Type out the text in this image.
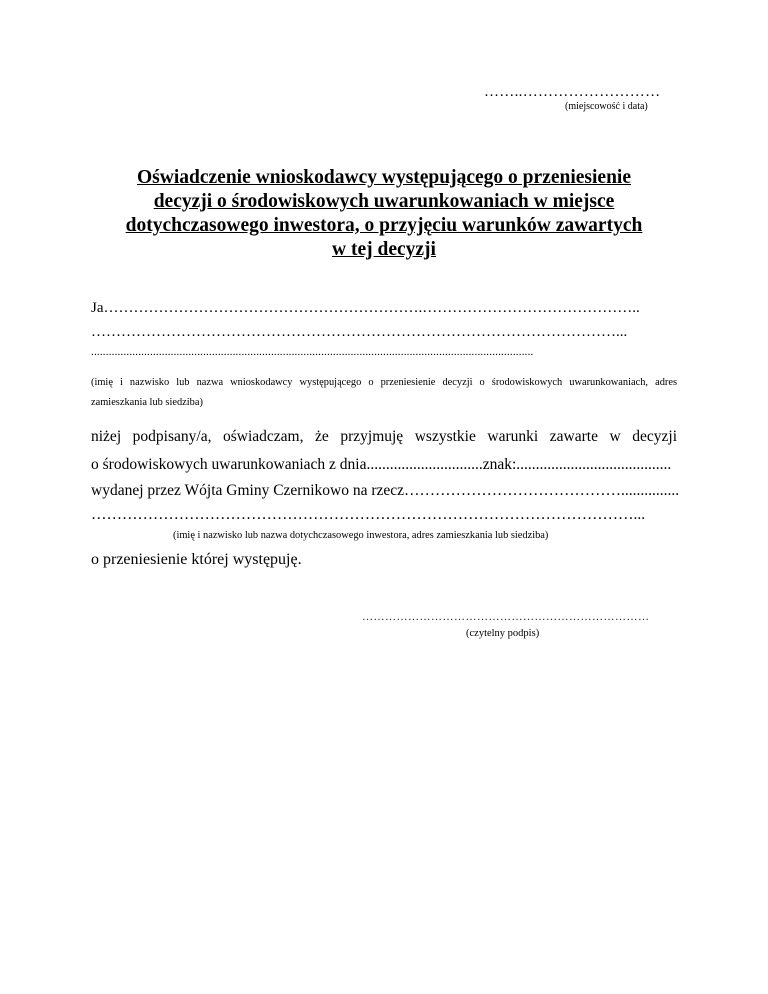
……..………………………
(miejscowość i data)
Oświadczenie wnioskodawcy występującego o przeniesienie
decyzji o środowiskowych uwarunkowaniach w miejsce
dotychczasowego inwestora, o przyjęciu warunków zawartych
w tej decyzji
Ja……………………………………………………….……………………………………..
……………………………………………………………………………………………...
......................................................................................................................................................
(imię i nazwisko lub nazwa wnioskodawcy występującego o przeniesienie decyzji o środowiskowych uwarunkowaniach, adres zamieszkania lub siedziba)
niżej podpisany/a, oświadczam, że przyjmuję wszystkie warunki zawarte w decyzji
o środowiskowych uwarunkowaniach z dnia..............................znak:........................................
wydanej przez Wójta Gminy Czernikowo na rzecz……………………………………...............
……………………………………………………………………………………………...
(imię i nazwisko lub nazwa dotychczasowego inwestora, adres zamieszkania lub siedziba)
o przeniesienie której występuję.
…………………………………………………………………
(czytelny podpis)
